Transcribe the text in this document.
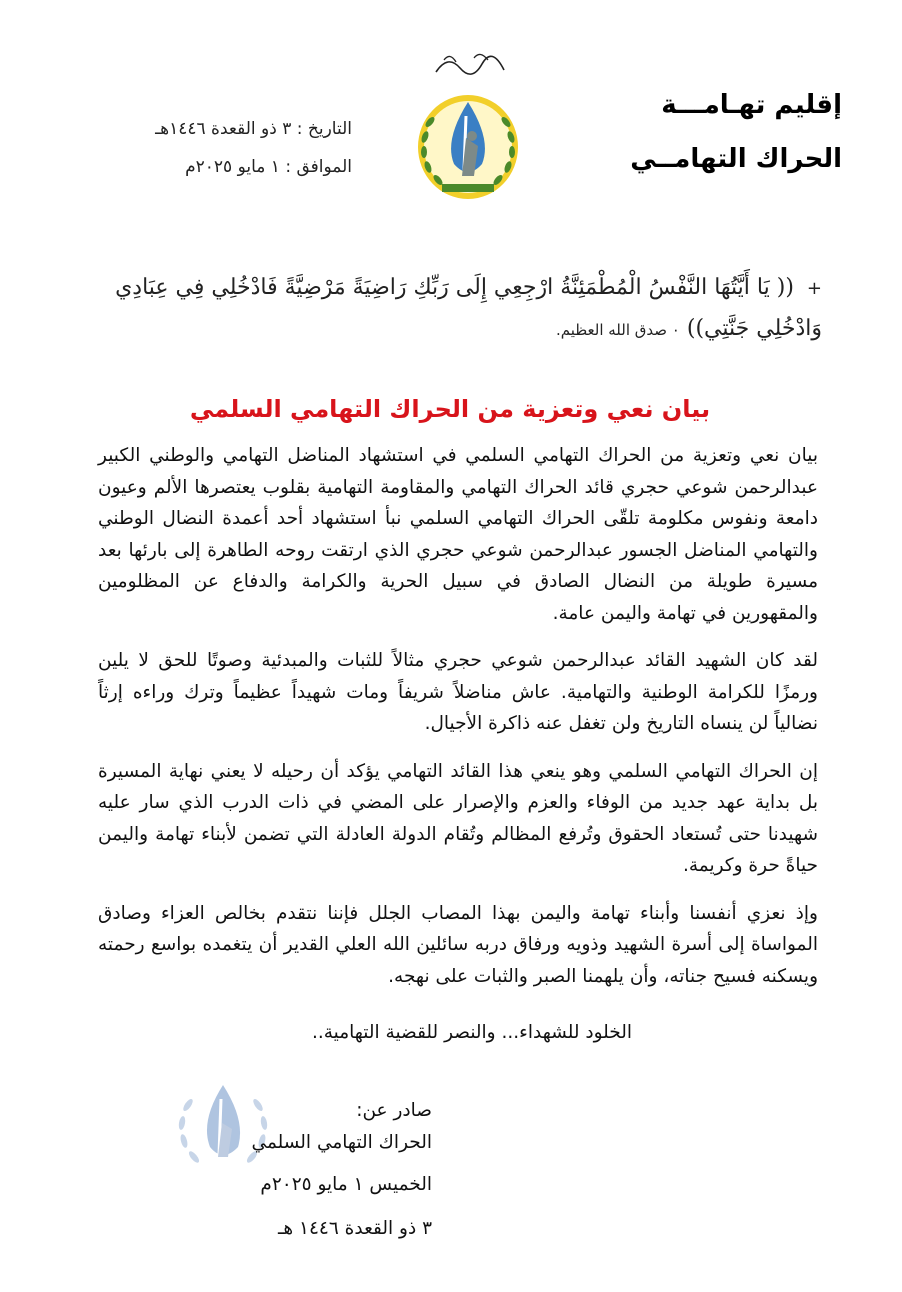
إقليم تهـامـــة
الحراك التهامــي
التاريخ : ٣ ذو القعدة ١٤٤٦هـ
الموافق : ١ مايو ٢٠٢٥م
+ (( يَا أَيَّتُهَا النَّفْسُ الْمُطْمَئِنَّةُ ارْجِعِي إِلَى رَبِّكِ رَاضِيَةً مَرْضِيَّةً فَادْخُلِي فِي عِبَادِي وَادْخُلِي جَنَّتِي)) ٠ صدق الله العظيم.
بيان نعي وتعزية من الحراك التهامي السلمي

بيان نعي وتعزية من الحراك التهامي السلمي في استشهاد المناضل التهامي والوطني الكبير عبدالرحمن شوعي حجري قائد الحراك التهامي والمقاومة التهامية بقلوب يعتصرها الألم وعيون دامعة ونفوس مكلومة تلقّى الحراك التهامي السلمي نبأ استشهاد أحد أعمدة النضال الوطني والتهامي المناضل الجسور عبدالرحمن شوعي حجري الذي ارتقت روحه الطاهرة إلى بارئها بعد مسيرة طويلة من النضال الصادق في سبيل الحرية والكرامة والدفاع عن المظلومين والمقهورين في تهامة واليمن عامة.

لقد كان الشهيد القائد عبدالرحمن شوعي حجري مثالاً للثبات والمبدئية وصوتًا للحق لا يلين ورمزًا للكرامة الوطنية والتهامية. عاش مناضلاً شريفاً ومات شهيداً عظيماً وترك وراءه إرثاً نضالياً لن ينساه التاريخ ولن تغفل عنه ذاكرة الأجيال.

إن الحراك التهامي السلمي وهو ينعي هذا القائد التهامي يؤكد أن رحيله لا يعني نهاية المسيرة بل بداية عهد جديد من الوفاء والعزم والإصرار على المضي في ذات الدرب الذي سار عليه شهيدنا حتى تُستعاد الحقوق وتُرفع المظالم وتُقام الدولة العادلة التي تضمن لأبناء تهامة واليمن حياةً حرة وكريمة.

وإذ نعزي أنفسنا وأبناء تهامة واليمن بهذا المصاب الجلل فإننا نتقدم بخالص العزاء وصادق المواساة إلى أسرة الشهيد وذويه ورفاق دربه سائلين الله العلي القدير أن يتغمده بواسع رحمته ويسكنه فسيح جناته، وأن يلهمنا الصبر والثبات على نهجه.

الخلود للشهداء... والنصر للقضية التهامية..
صادر عن:
الحراك التهامي السلمي
الخميس ١ مايو ٢٠٢٥م
٣ ذو القعدة ١٤٤٦ هـ
